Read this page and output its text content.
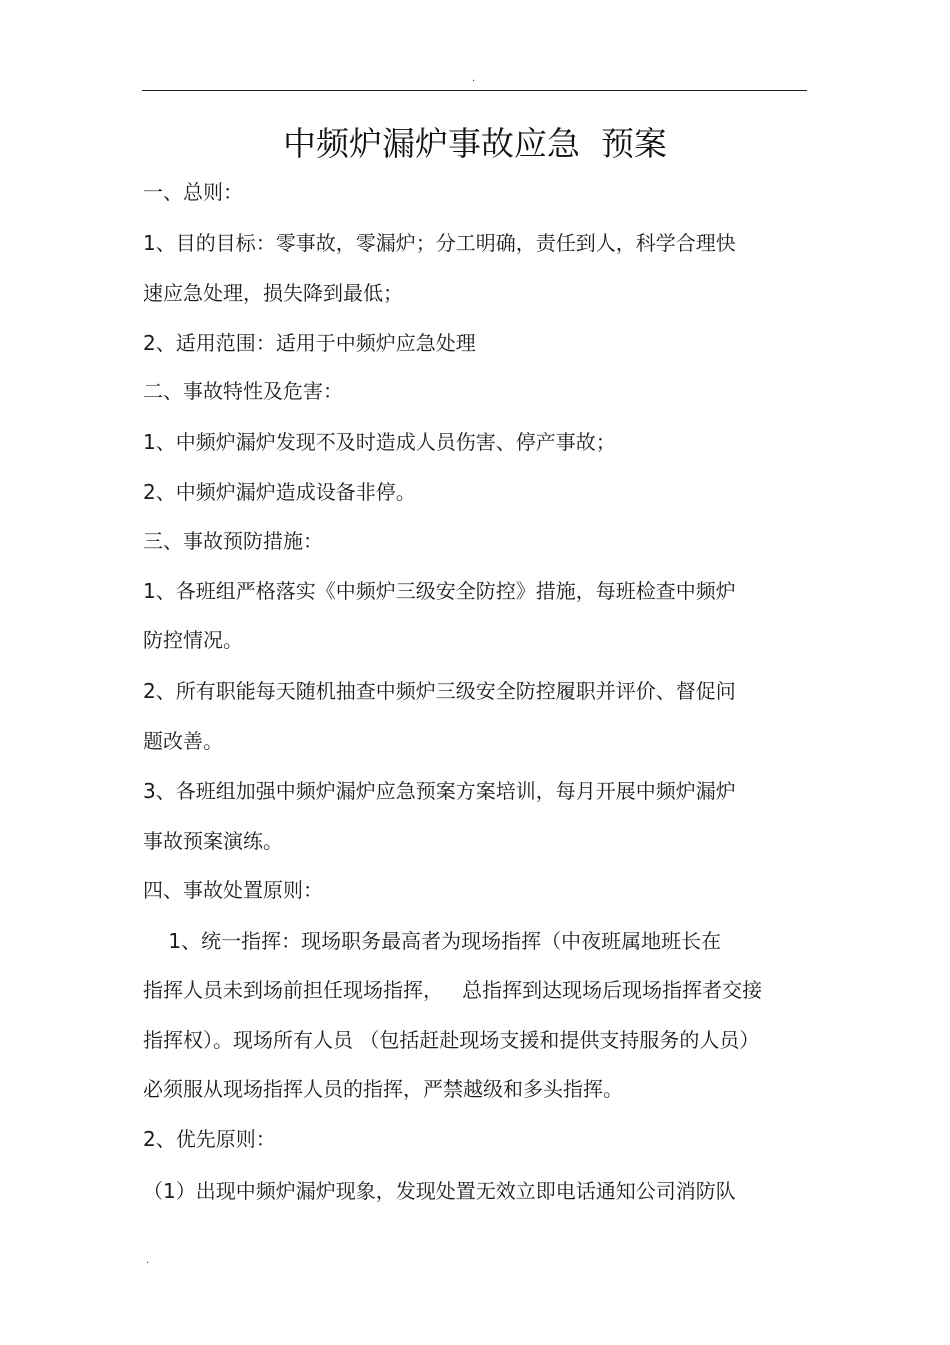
.
中频炉漏炉事故应急  预案
一、总则：
1、目的目标：零事故，零漏炉；分工明确，责任到人，科学合理快
速应急处理，损失降到最低；
2、适用范围：适用于中频炉应急处理
二、事故特性及危害：
1、中频炉漏炉发现不及时造成人员伤害、停产事故；
2、中频炉漏炉造成设备非停。
三、事故预防措施：
1、各班组严格落实《中频炉三级安全防控》措施，每班检查中频炉
防控情况。
2、所有职能每天随机抽查中频炉三级安全防控履职并评价、督促问
题改善。
3、各班组加强中频炉漏炉应急预案方案培训，每月开展中频炉漏炉
事故预案演练。
四、事故处置原则：
1、统一指挥：现场职务最高者为现场指挥（中夜班属地班长在
指挥人员未到场前担任现场指挥，   总指挥到达现场后现场指挥者交接
指挥权）。现场所有人员 （包括赶赴现场支援和提供支持服务的人员）
必须服从现场指挥人员的指挥，严禁越级和多头指挥。
2、优先原则：
（1）出现中频炉漏炉现象，发现处置无效立即电话通知公司消防队
.
